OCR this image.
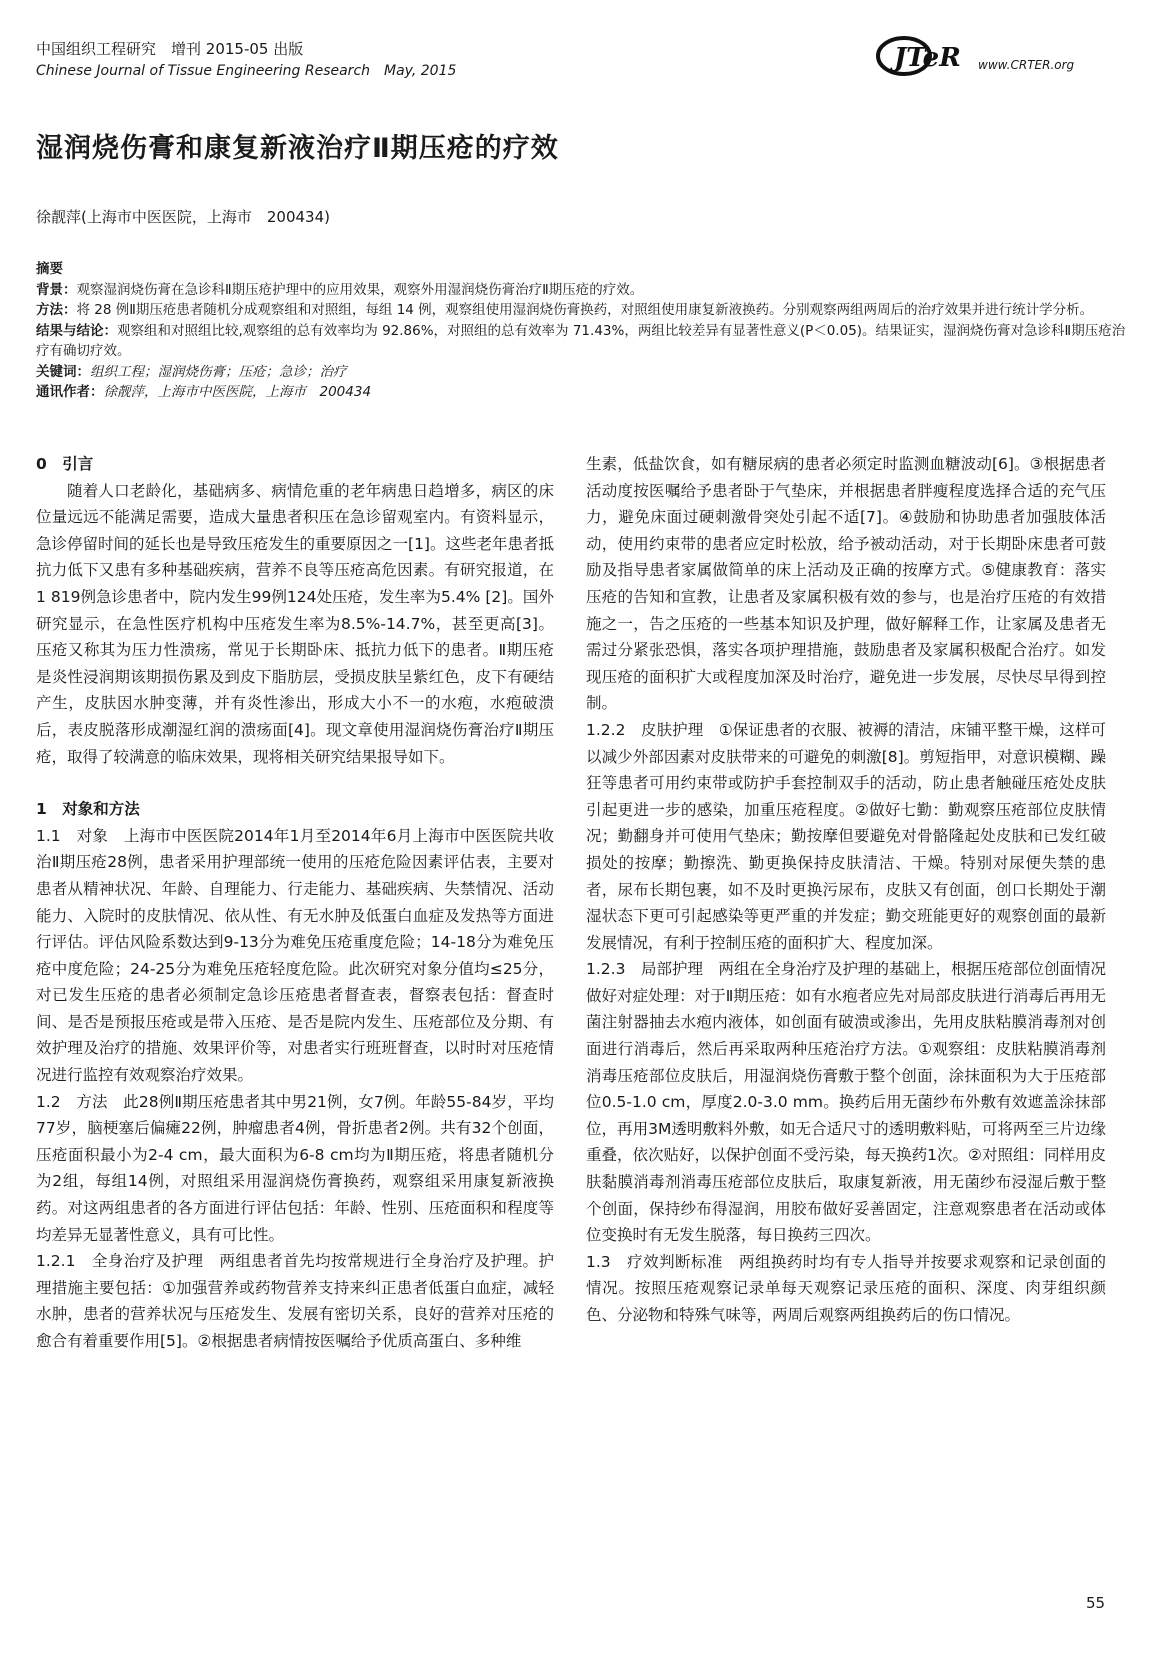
中国组织工程研究　增刊 2015-05 出版
Chinese Journal of Tissue Engineering Research　May, 2015	JTeR www.CRTER.org
湿润烧伤膏和康复新液治疗Ⅱ期压疮的疗效
徐靓萍(上海市中医医院，上海市　200434)

摘要

背景：观察湿润烧伤膏在急诊科Ⅱ期压疮护理中的应用效果，观察外用湿润烧伤膏治疗Ⅱ期压疮的疗效。

方法：将 28 例Ⅱ期压疮患者随机分成观察组和对照组，每组 14 例，观察组使用湿润烧伤膏换药，对照组使用康复新液换药。分别观察两组两周后的治疗效果并进行统计学分析。

结果与结论：观察组和对照组比较,观察组的总有效率均为 92.86%，对照组的总有效率为 71.43%，两组比较差异有显著性意义(P＜0.05)。结果证实，湿润烧伤膏对急诊科Ⅱ期压疮治疗有确切疗效。

关键词：组织工程；湿润烧伤膏；压疮；急诊；治疗

通讯作者：徐靓萍，上海市中医医院，上海市　200434

0　引言

随着人口老龄化，基础病多、病情危重的老年病患日趋增多，病区的床位量远远不能满足需要，造成大量患者积压在急诊留观室内。有资料显示，急诊停留时间的延长也是导致压疮发生的重要原因之一[1]。这些老年患者抵抗力低下又患有多种基础疾病，营养不良等压疮高危因素。有研究报道，在1 819例急诊患者中，院内发生99例124处压疮，发生率为5.4% [2]。国外研究显示，在急性医疗机构中压疮发生率为8.5%-14.7%，甚至更高[3]。压疮又称其为压力性溃疡，常见于长期卧床、抵抗力低下的患者。Ⅱ期压疮是炎性浸润期该期损伤累及到皮下脂肪层，受损皮肤呈紫红色，皮下有硬结产生，皮肤因水肿变薄，并有炎性渗出，形成大小不一的水疱，水疱破溃后，表皮脱落形成潮湿红润的溃疡面[4]。现文章使用湿润烧伤膏治疗Ⅱ期压疮，取得了较满意的临床效果，现将相关研究结果报导如下。

1　对象和方法

1.1　对象　上海市中医医院2014年1月至2014年6月上海市中医医院共收治Ⅱ期压疮28例，患者采用护理部统一使用的压疮危险因素评估表，主要对患者从精神状况、年龄、自理能力、行走能力、基础疾病、失禁情况、活动能力、入院时的皮肤情况、依从性、有无水肿及低蛋白血症及发热等方面进行评估。评估风险系数达到9-13分为难免压疮重度危险；14-18分为难免压疮中度危险；24-25分为难免压疮轻度危险。此次研究对象分值均≤25分，对已发生压疮的患者必须制定急诊压疮患者督查表，督察表包括：督查时间、是否是预报压疮或是带入压疮、是否是院内发生、压疮部位及分期、有效护理及治疗的措施、效果评价等，对患者实行班班督查，以时时对压疮情况进行监控有效观察治疗效果。

1.2　方法　此28例Ⅱ期压疮患者其中男21例，女7例。年龄55-84岁，平均77岁，脑梗塞后偏瘫22例，肿瘤患者4例，骨折患者2例。共有32个创面，压疮面积最小为2-4 cm，最大面积为6-8 cm均为Ⅱ期压疮，将患者随机分为2组，每组14例，对照组采用湿润烧伤膏换药，观察组采用康复新液换药。对这两组患者的各方面进行评估包括：年龄、性别、压疮面积和程度等均差异无显著性意义，具有可比性。

1.2.1　全身治疗及护理　两组患者首先均按常规进行全身治疗及护理。护理措施主要包括：①加强营养或药物营养支持来纠正患者低蛋白血症，减轻水肿，患者的营养状况与压疮发生、发展有密切关系，良好的营养对压疮的愈合有着重要作用[5]。②根据患者病情按医嘱给予优质高蛋白、多种维

生素，低盐饮食，如有糖尿病的患者必须定时监测血糖波动[6]。③根据患者活动度按医嘱给予患者卧于气垫床，并根据患者胖瘦程度选择合适的充气压力，避免床面过硬刺激骨突处引起不适[7]。④鼓励和协助患者加强肢体活动，使用约束带的患者应定时松放，给予被动活动，对于长期卧床患者可鼓励及指导患者家属做简单的床上活动及正确的按摩方式。⑤健康教育：落实压疮的告知和宣教，让患者及家属积极有效的参与，也是治疗压疮的有效措施之一，告之压疮的一些基本知识及护理，做好解释工作，让家属及患者无需过分紧张恐惧，落实各项护理措施，鼓励患者及家属积极配合治疗。如发现压疮的面积扩大或程度加深及时治疗，避免进一步发展，尽快尽早得到控制。

1.2.2　皮肤护理　①保证患者的衣服、被褥的清洁，床铺平整干燥，这样可以减少外部因素对皮肤带来的可避免的刺激[8]。剪短指甲，对意识模糊、躁狂等患者可用约束带或防护手套控制双手的活动，防止患者触碰压疮处皮肤引起更进一步的感染，加重压疮程度。②做好七勤：勤观察压疮部位皮肤情况；勤翻身并可使用气垫床；勤按摩但要避免对骨骼隆起处皮肤和已发红破损处的按摩；勤擦洗、勤更换保持皮肤清洁、干燥。特别对尿便失禁的患者，尿布长期包裹，如不及时更换污尿布，皮肤又有创面，创口长期处于潮湿状态下更可引起感染等更严重的并发症；勤交班能更好的观察创面的最新发展情况，有利于控制压疮的面积扩大、程度加深。

1.2.3　局部护理　两组在全身治疗及护理的基础上，根据压疮部位创面情况做好对症处理：对于Ⅱ期压疮：如有水疱者应先对局部皮肤进行消毒后再用无菌注射器抽去水疱内液体，如创面有破溃或渗出，先用皮肤粘膜消毒剂对创面进行消毒后，然后再采取两种压疮治疗方法。①观察组：皮肤粘膜消毒剂消毒压疮部位皮肤后，用湿润烧伤膏敷于整个创面，涂抹面积为大于压疮部位0.5-1.0 cm，厚度2.0-3.0 mm。换药后用无菌纱布外敷有效遮盖涂抹部位，再用3M透明敷料外敷，如无合适尺寸的透明敷料贴，可将两至三片边缘重叠，依次贴好，以保护创面不受污染，每天换药1次。②对照组：同样用皮肤黏膜消毒剂消毒压疮部位皮肤后，取康复新液，用无菌纱布浸湿后敷于整个创面，保持纱布得湿润，用胶布做好妥善固定，注意观察患者在活动或体位变换时有无发生脱落，每日换药三四次。

1.3　疗效判断标准　两组换药时均有专人指导并按要求观察和记录创面的情况。按照压疮观察记录单每天观察记录压疮的面积、深度、肉芽组织颜色、分泌物和特殊气味等，两周后观察两组换药后的伤口情况。

55
